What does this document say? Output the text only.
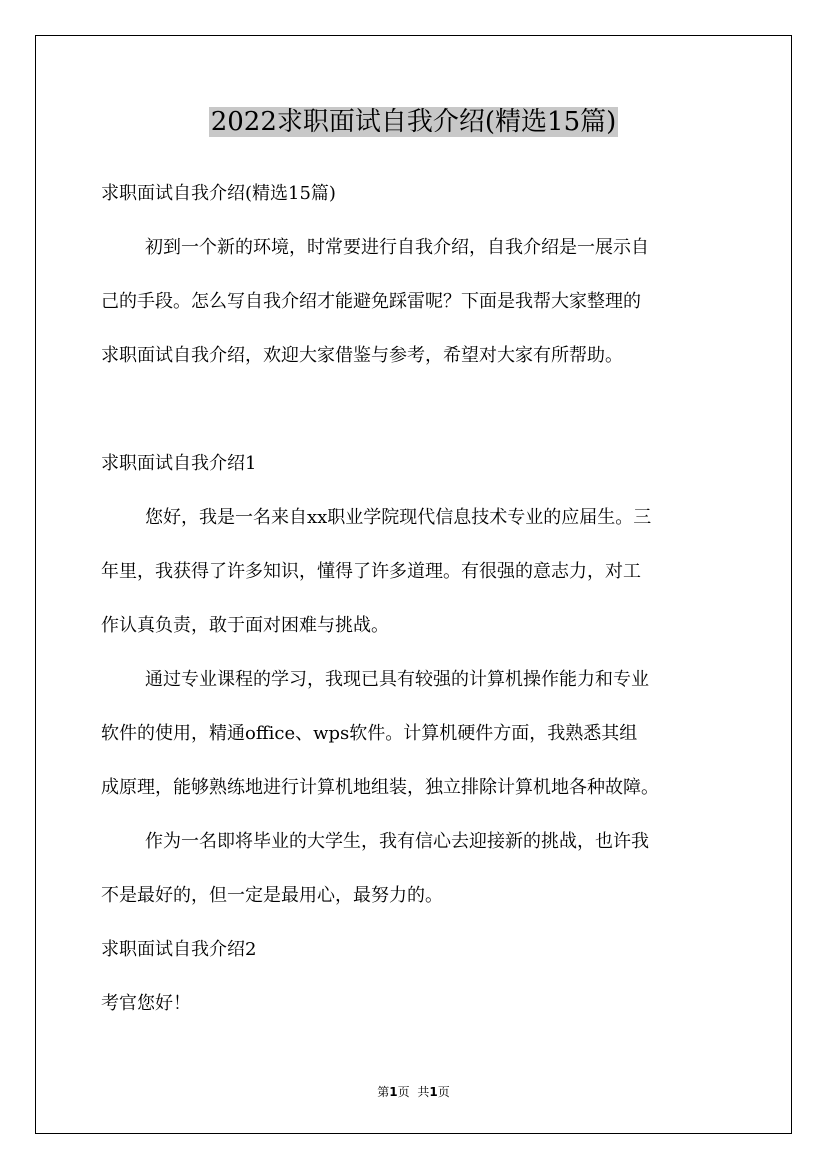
2022求职面试自我介绍(精选15篇)
求职面试自我介绍(精选15篇)
初到一个新的环境，时常要进行自我介绍，自我介绍是一展示自
己的手段。怎么写自我介绍才能避免踩雷呢？下面是我帮大家整理的
求职面试自我介绍，欢迎大家借鉴与参考，希望对大家有所帮助。
求职面试自我介绍1
您好，我是一名来自xx职业学院现代信息技术专业的应届生。三
年里，我获得了许多知识，懂得了许多道理。有很强的意志力，对工
作认真负责，敢于面对困难与挑战。
通过专业课程的学习，我现已具有较强的计算机操作能力和专业
软件的使用，精通office、wps软件。计算机硬件方面，我熟悉其组
成原理，能够熟练地进行计算机地组装，独立排除计算机地各种故障。
作为一名即将毕业的大学生，我有信心去迎接新的挑战，也许我
不是最好的，但一定是最用心，最努力的。
求职面试自我介绍2
考官您好！
第1页 共1页
